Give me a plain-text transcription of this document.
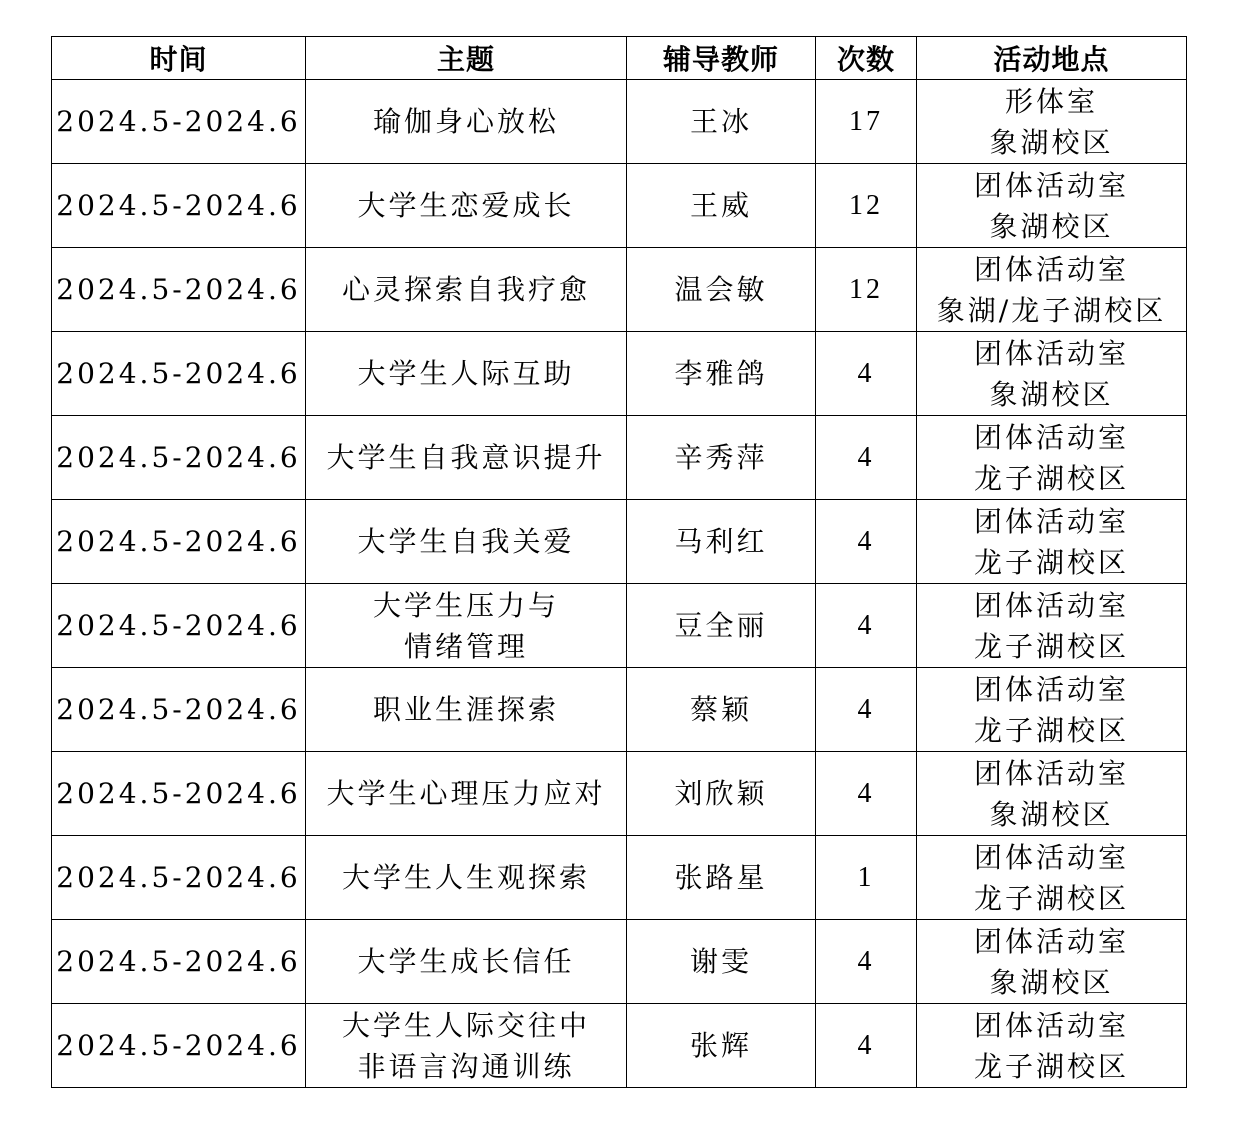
时间	主题	辅导教师	次数	活动地点
2024.5-2024.6	瑜伽身心放松	王冰	17	形体室
象湖校区

2024.5-2024.6	大学生恋爱成长	王威	12	团体活动室
象湖校区

2024.5-2024.6	心灵探索自我疗愈	温会敏	12	团体活动室
象湖/龙子湖校区

2024.5-2024.6	大学生人际互助	李雅鸽	4	团体活动室
象湖校区

2024.5-2024.6	大学生自我意识提升	辛秀萍	4	团体活动室
龙子湖校区

2024.5-2024.6	大学生自我关爱	马利红	4	团体活动室
龙子湖校区

2024.5-2024.6	大学生压力与
情绪管理	豆全丽	4	团体活动室
龙子湖校区

2024.5-2024.6	职业生涯探索	蔡颖	4	团体活动室
龙子湖校区

2024.5-2024.6	大学生心理压力应对	刘欣颖	4	团体活动室
象湖校区

2024.5-2024.6	大学生人生观探索	张路星	1	团体活动室
龙子湖校区

2024.5-2024.6	大学生成长信任	谢雯	4	团体活动室
象湖校区

2024.5-2024.6	大学生人际交往中
非语言沟通训练	张辉	4	团体活动室
龙子湖校区
